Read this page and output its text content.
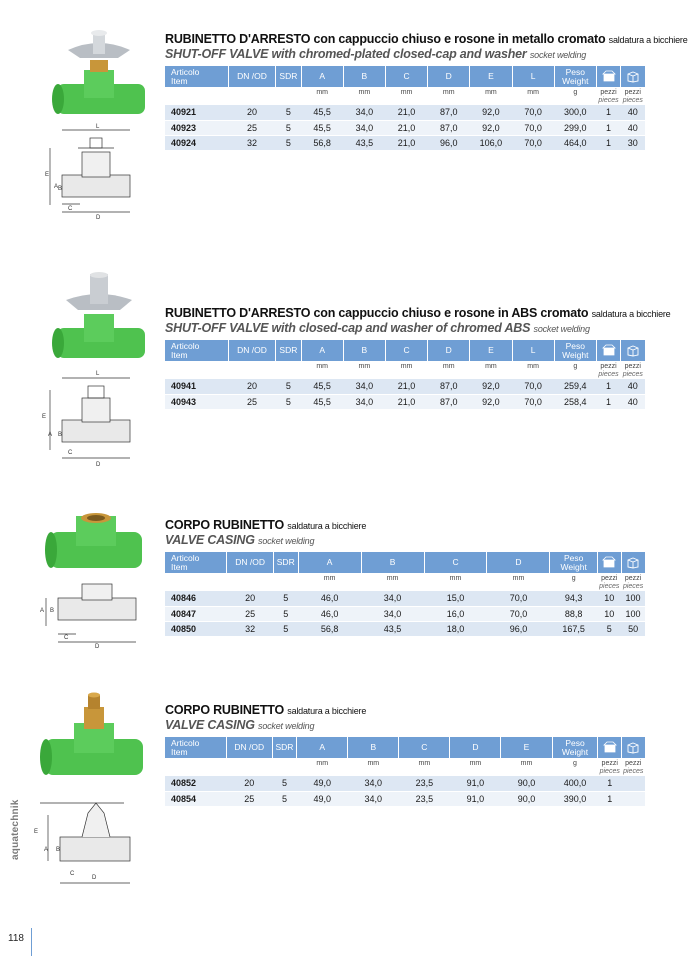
L
E
A B
C
D
RUBINETTO D'ARRESTO con cappuccio chiuso e rosone in metallo cromato saldatura a bicchiere
SHUT-OFF VALVE with chromed-plated closed-cap and washer socket welding
Articolo
Item	DN /OD	SDR	A	B	C	D	E	L	Peso
Weight		
			mm	mm	mm	mm	mm	mm	g	pezzi
pieces	pezzi
pieces

40921	20	5	45,5	34,0	21,0	87,0	92,0	70,0	300,0	1	40
40923	25	5	45,5	34,0	21,0	87,0	92,0	70,0	299,0	1	40
40924	32	5	56,8	43,5	21,0	96,0	106,0	70,0	464,0	1	30
L
E
A B
C
D
RUBINETTO D'ARRESTO con cappuccio chiuso e rosone in ABS cromato saldatura a bicchiere
SHUT-OFF VALVE with closed-cap and washer of chromed ABS socket welding
Articolo
Item	DN /OD	SDR	A	B	C	D	E	L	Peso
Weight		
			mm	mm	mm	mm	mm	mm	g	pezzi
pieces	pezzi
pieces

40941	20	5	45,5	34,0	21,0	87,0	92,0	70,0	259,4	1	40
40943	25	5	45,5	34,0	21,0	87,0	92,0	70,0	258,4	1	40
A B
C
D
CORPO RUBINETTO saldatura a bicchiere
VALVE CASING socket welding
Articolo
Item	DN /OD	SDR	A	B	C	D	Peso
Weight		
			mm	mm	mm	mm	g	pezzi
pieces	pezzi
pieces

40846	20	5	46,0	34,0	15,0	70,0	94,3	10	100
40847	25	5	46,0	34,0	16,0	70,0	88,8	10	100
40850	32	5	56,8	43,5	18,0	96,0	167,5	5	50
E
A B
C
D
CORPO RUBINETTO saldatura a bicchiere
VALVE CASING socket welding
Articolo
Item	DN /OD	SDR	A	B	C	D	E	Peso
Weight		
			mm	mm	mm	mm	mm	g	pezzi
pieces	pezzi
pieces

40852	20	5	49,0	34,0	23,5	91,0	90,0	400,0	1	
40854	25	5	49,0	34,0	23,5	91,0	90,0	390,0	1	
aquatechnik
118
